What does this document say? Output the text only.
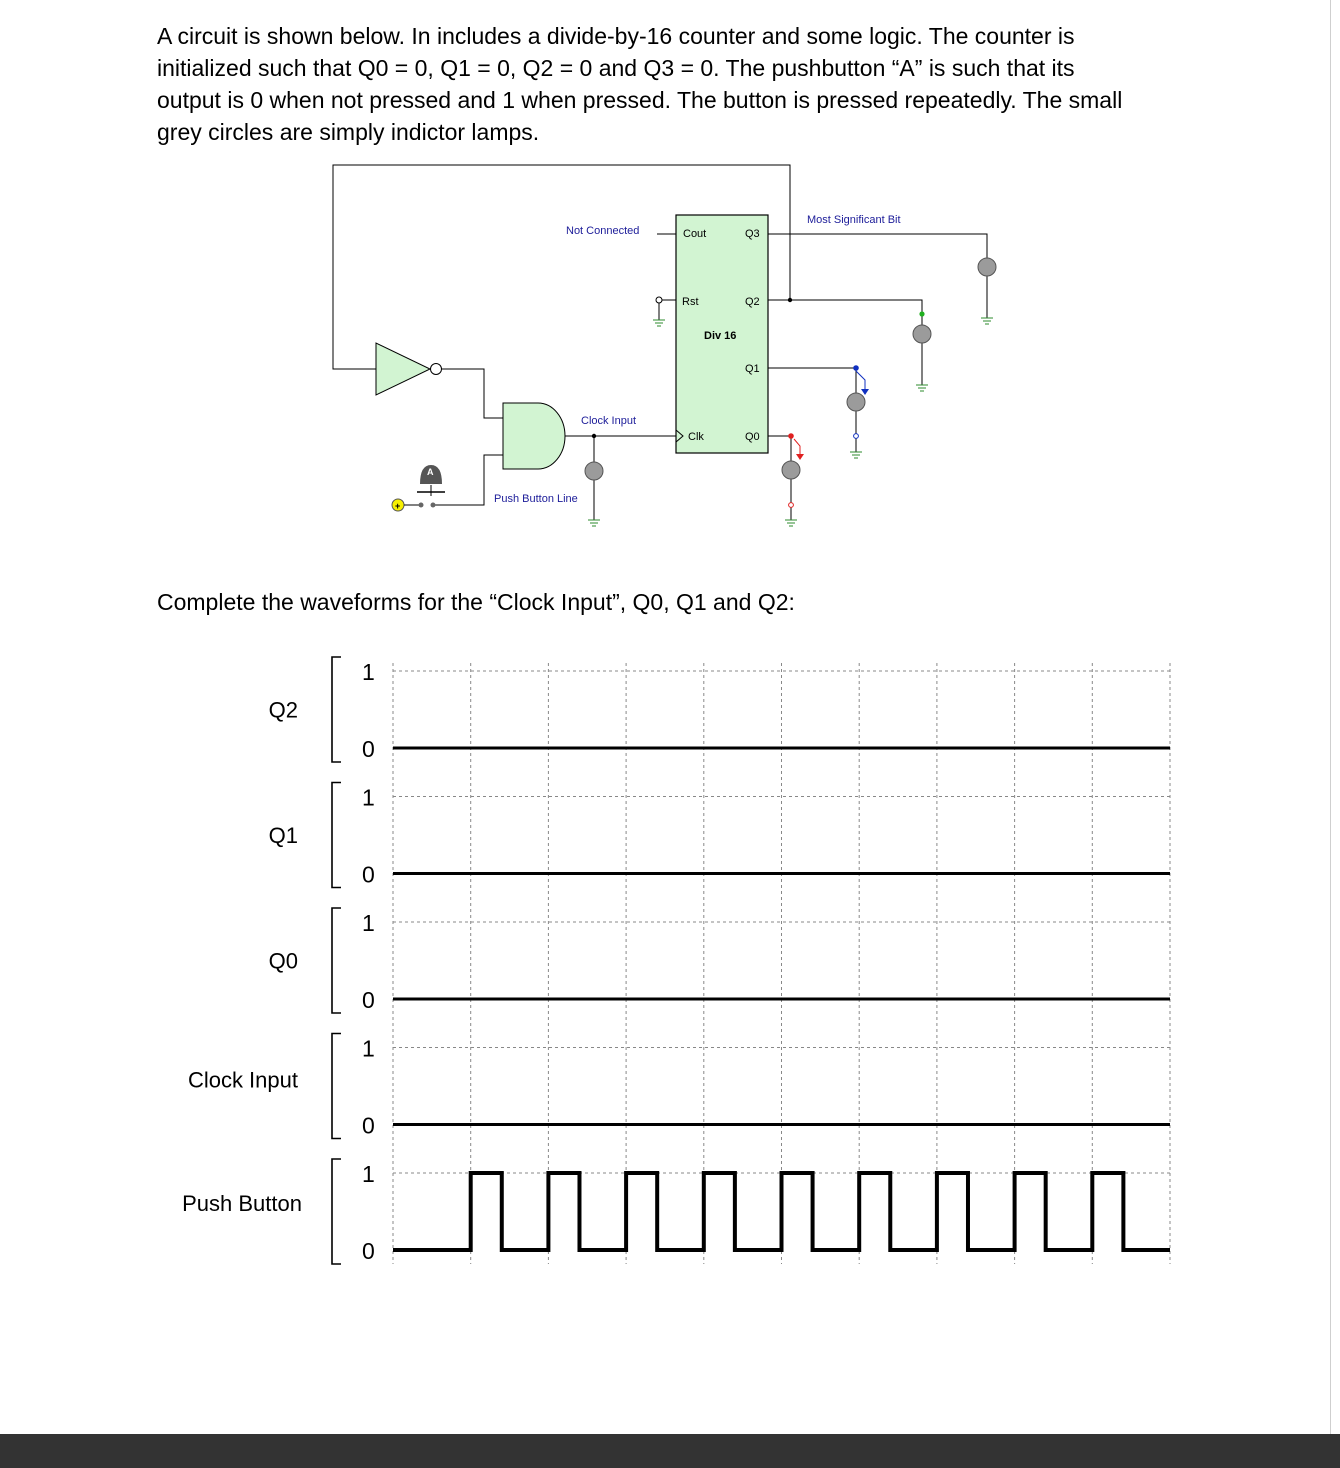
A circuit is shown below. In includes a divide-by-16 counter and some logic. The counter is

initialized such that Q0 = 0, Q1 = 0, Q2 = 0 and Q3 = 0. The pushbutton “A” is such that its

output is 0 when not pressed and 1 when pressed. The button is pressed repeatedly. The small

grey circles are simply indictor lamps.

Cout	Q3
Rst	Q2
Div 16
Q1
Clk	Q0
Not Connected
Most Significant Bit
Clock Input
Push Button Line
A
+
1
0
Q2
1
0
Q1
1
0
Q0
1
0
Clock Input
1
0
Push Button
Complete the waveforms for the “Clock Input”, Q0, Q1 and Q2:
